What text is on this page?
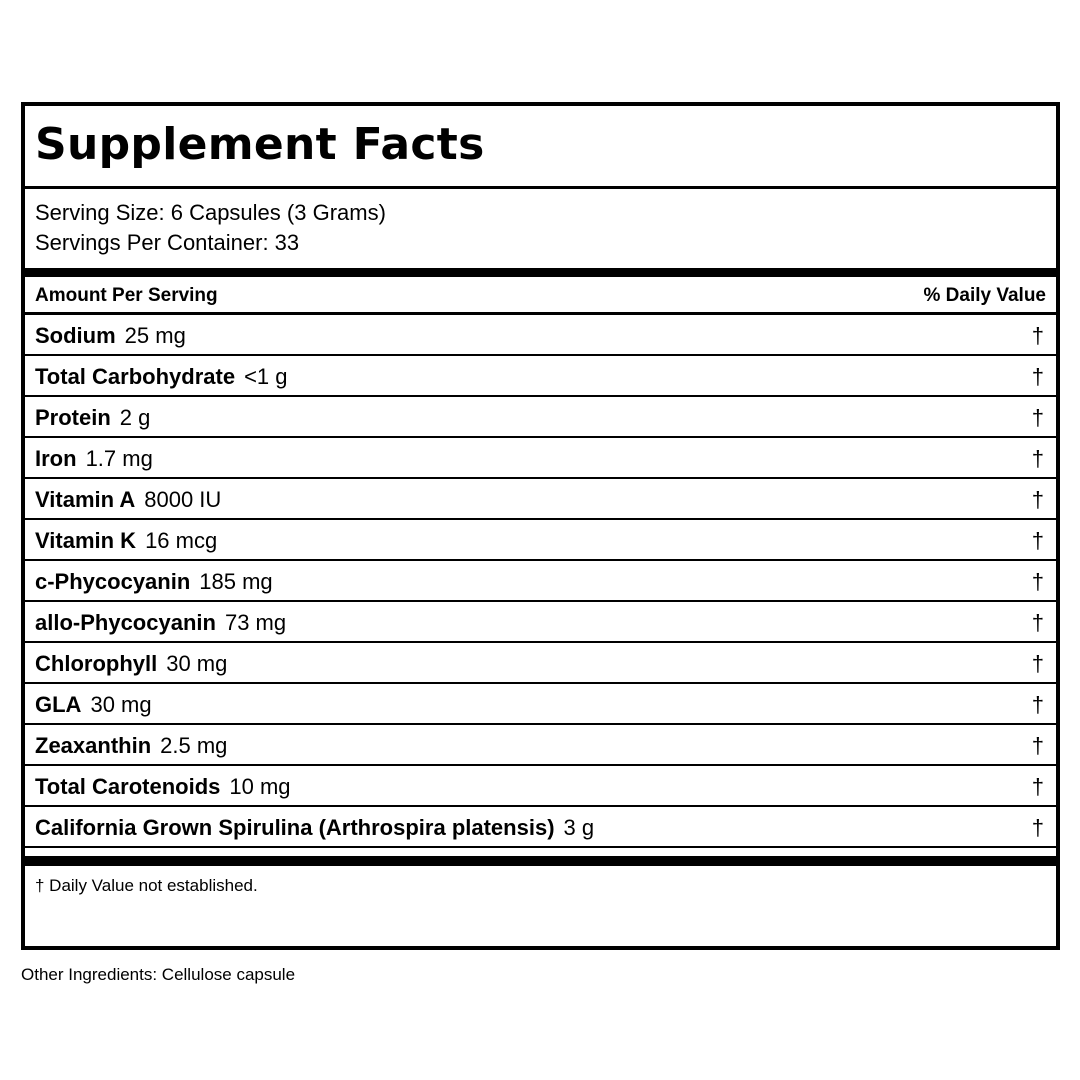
Supplement Facts
Serving Size: 6 Capsules (3 Grams)
Servings Per Container: 33
Amount Per Serving	% Daily Value
Sodium 25 mg	†
Total Carbohydrate <1 g	†
Protein 2 g	†
Iron 1.7 mg	†
Vitamin A 8000 IU	†
Vitamin K 16 mcg	†
c-Phycocyanin 185 mg	†
allo-Phycocyanin 73 mg	†
Chlorophyll 30 mg	†
GLA 30 mg	†
Zeaxanthin 2.5 mg	†
Total Carotenoids 10 mg	†
California Grown Spirulina (Arthrospira platensis) 3 g	†
† Daily Value not established.
Other Ingredients: Cellulose capsule
